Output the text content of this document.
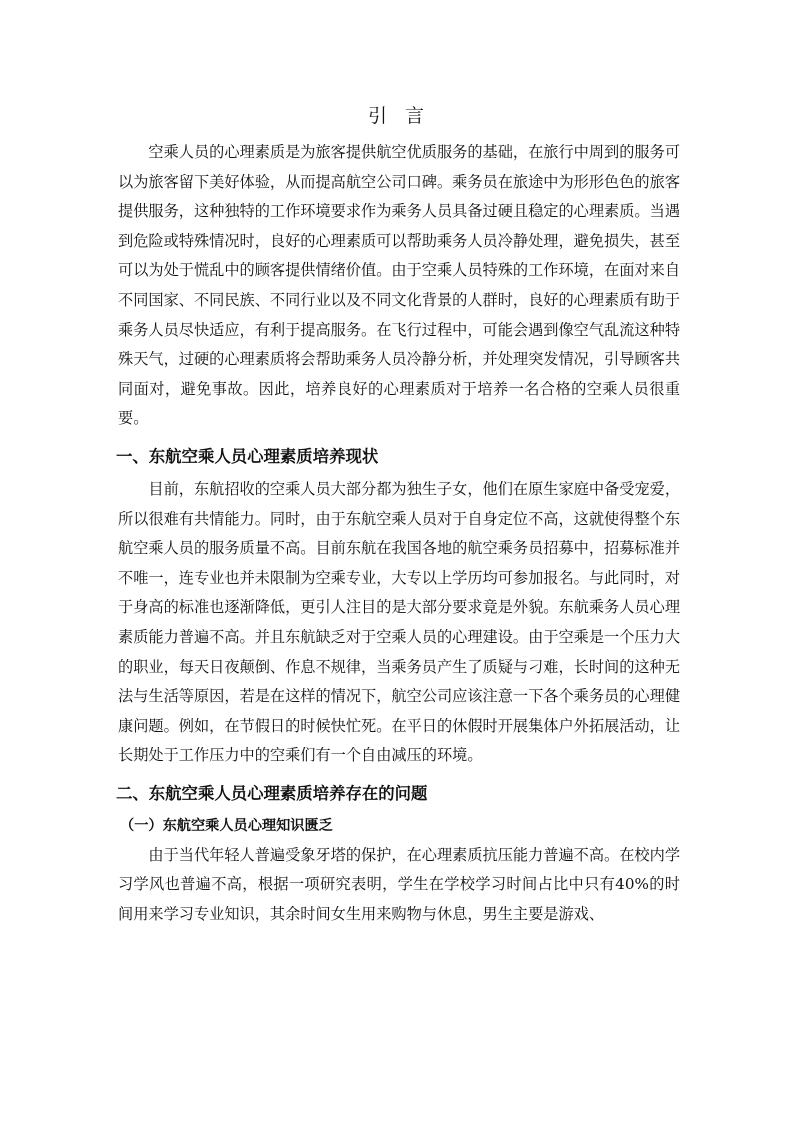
引 言

空乘人员的心理素质是为旅客提供航空优质服务的基础，在旅行中周到的服务可以为旅客留下美好体验，从而提高航空公司口碑。乘务员在旅途中为形形色色的旅客提供服务，这种独特的工作环境要求作为乘务人员具备过硬且稳定的心理素质。当遇到危险或特殊情况时，良好的心理素质可以帮助乘务人员冷静处理，避免损失，甚至可以为处于慌乱中的顾客提供情绪价值。由于空乘人员特殊的工作环境，在面对来自不同国家、不同民族、不同行业以及不同文化背景的人群时，良好的心理素质有助于乘务人员尽快适应，有利于提高服务。在飞行过程中，可能会遇到像空气乱流这种特殊天气，过硬的心理素质将会帮助乘务人员冷静分析，并处理突发情况，引导顾客共同面对，避免事故。因此，培养良好的心理素质对于培养一名合格的空乘人员很重要。

一、东航空乘人员心理素质培养现状

目前，东航招收的空乘人员大部分都为独生子女，他们在原生家庭中备受宠爱，所以很难有共情能力。同时，由于东航空乘人员对于自身定位不高，这就使得整个东航空乘人员的服务质量不高。目前东航在我国各地的航空乘务员招募中，招募标准并不唯一，连专业也并未限制为空乘专业，大专以上学历均可参加报名。与此同时，对于身高的标准也逐渐降低，更引人注目的是大部分要求竟是外貌。东航乘务人员心理素质能力普遍不高。并且东航缺乏对于空乘人员的心理建设。由于空乘是一个压力大的职业，每天日夜颠倒、作息不规律，当乘务员产生了质疑与刁难，长时间的这种无法与生活等原因，若是在这样的情况下，航空公司应该注意一下各个乘务员的心理健康问题。例如，在节假日的时候快忙死。在平日的休假时开展集体户外拓展活动，让长期处于工作压力中的空乘们有一个自由减压的环境。

二、东航空乘人员心理素质培养存在的问题
（一）东航空乘人员心理知识匮乏

由于当代年轻人普遍受象牙塔的保护，在心理素质抗压能力普遍不高。在校内学习学风也普遍不高，根据一项研究表明，学生在学校学习时间占比中只有40%的时间用来学习专业知识，其余时间女生用来购物与休息，男生主要是游戏、
